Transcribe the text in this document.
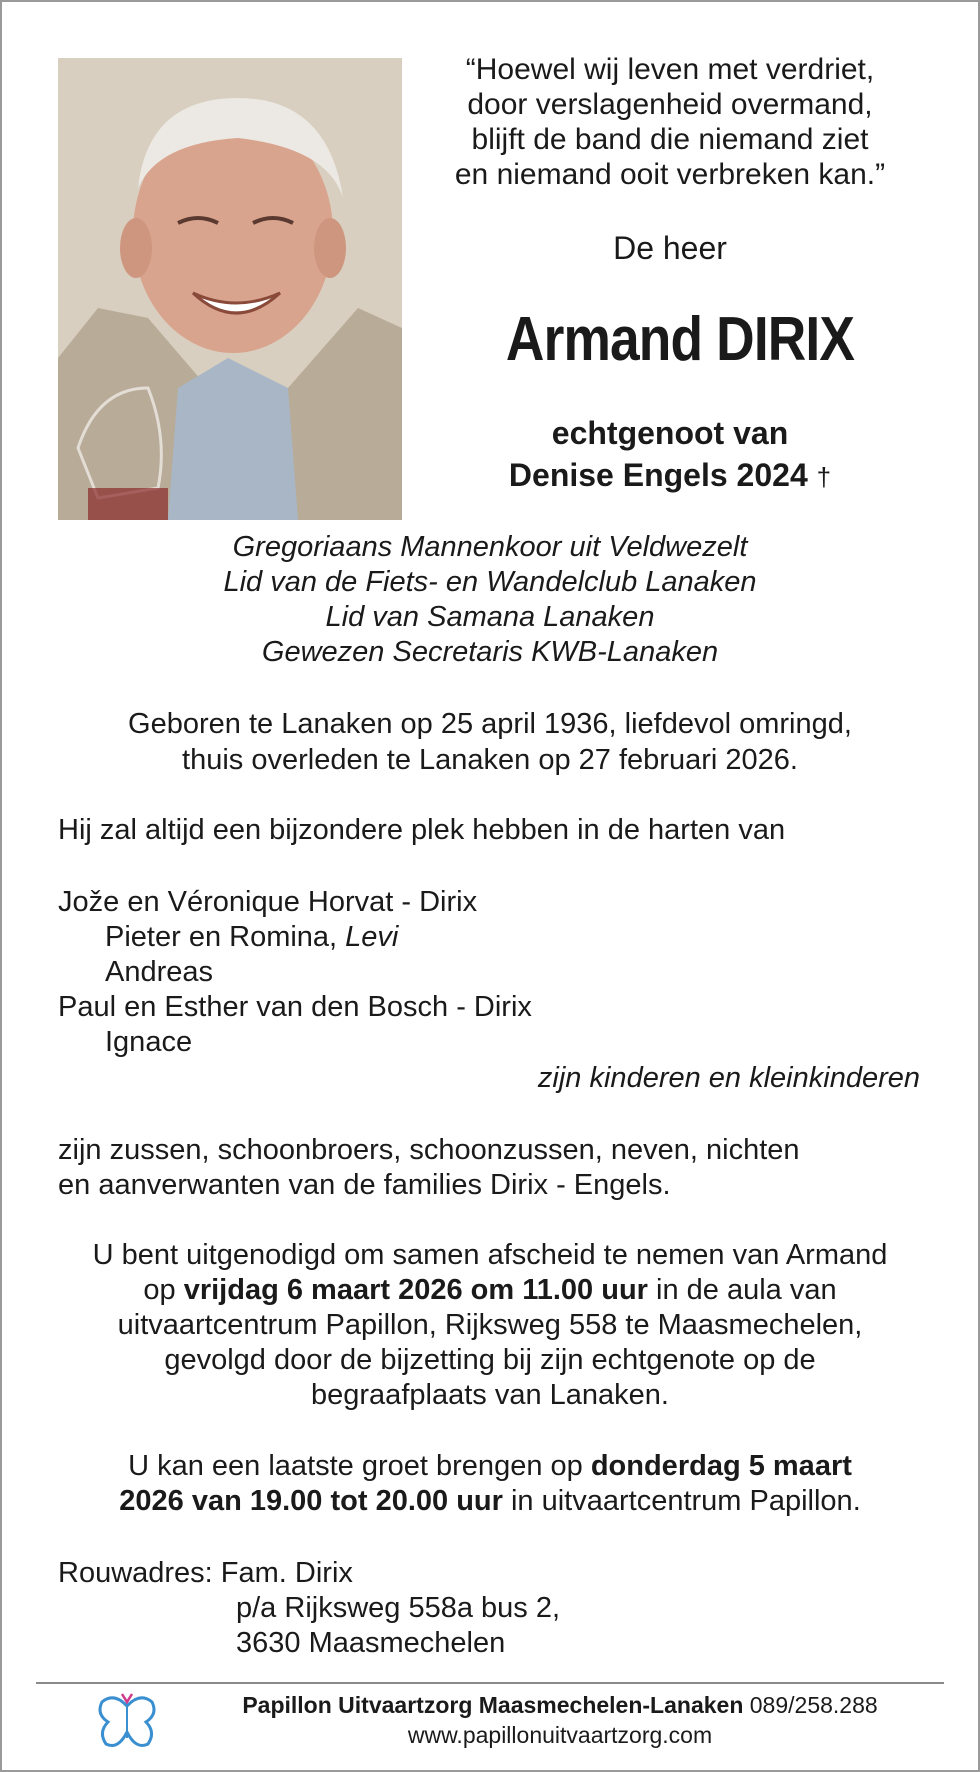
“Hoewel wij leven met verdriet,
door verslagenheid overmand,
blijft de band die niemand ziet
en niemand ooit verbreken kan.”
De heer
Armand DIRIX
echtgenoot van
Denise Engels 2024 †
Gregoriaans Mannenkoor uit Veldwezelt
Lid van de Fiets- en Wandelclub Lanaken
Lid van Samana Lanaken
Gewezen Secretaris KWB-Lanaken
Geboren te Lanaken op 25 april 1936, liefdevol omringd,
thuis overleden te Lanaken op 27 februari 2026.
Hij zal altijd een bijzondere plek hebben in de harten van
Jože en Véronique Horvat - Dirix
Pieter en Romina, Levi
Andreas
Paul en Esther van den Bosch - Dirix
Ignace
zijn kinderen en kleinkinderen
zijn zussen, schoonbroers, schoonzussen, neven, nichten
en aanverwanten van de families Dirix - Engels.
U bent uitgenodigd om samen afscheid te nemen van Armand
op vrijdag 6 maart 2026 om 11.00 uur in de aula van
uitvaartcentrum Papillon, Rijksweg 558 te Maasmechelen,
gevolgd door de bijzetting bij zijn echtgenote op de
begraafplaats van Lanaken.
U kan een laatste groet brengen op donderdag 5 maart
2026 van 19.00 tot 20.00 uur in uitvaartcentrum Papillon.
Rouwadres: Fam. Dirix
p/a Rijksweg 558a bus 2,
3630 Maasmechelen
Papillon Uitvaartzorg Maasmechelen-Lanaken 089/258.288
www.papillonuitvaartzorg.com
